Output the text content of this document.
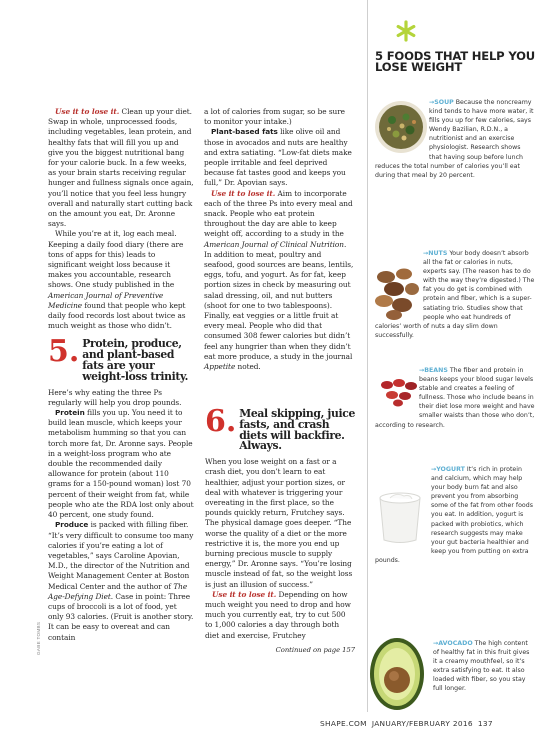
GABE TOMBS

Use it to lose it. Clean up your diet. Swap in whole, unprocessed foods, including vegetables, lean protein, and healthy fats that will fill you up and give you the biggest nutritional bang for your calorie buck. In a few weeks, as your brain starts receiving regular hunger and fullness signals once again, you’ll notice that you feel less hungry overall and naturally start cutting back on the amount you eat, Dr. Aronne says.

While you’re at it, log each meal. Keeping a daily food diary (there are tons of apps for this) leads to significant weight loss because it makes you accountable, research shows. One study published in the American Journal of Preventive Medicine found that people who kept daily food records lost about twice as much weight as those who didn’t.

5. Protein, produce, and plant-based fats are your weight-loss trinity.

Here’s why eating the three Ps regularly will help you drop pounds.

Protein fills you up. You need it to build lean muscle, which keeps your metabolism humming so that you can torch more fat, Dr. Aronne says. People in a weight-loss program who ate double the recommended daily allowance for protein (about 110 grams for a 150-pound woman) lost 70 percent of their weight from fat, while people who ate the RDA lost only about 40 percent, one study found.

Produce is packed with filling fiber. “It’s very difficult to consume too many calories if you’re eating a lot of vegetables,” says Caroline Apovian, M.D., the director of the Nutrition and Weight Management Center at Boston Medical Center and the author of The Age-Defying Diet. Case in point: Three cups of broccoli is a lot of food, yet only 93 calories. (Fruit is another story. It can be easy to overeat and can contain

a lot of calories from sugar, so be sure to monitor your intake.)

Plant-based fats like olive oil and those in avocados and nuts are healthy and extra satiating. “Low-fat diets make people irritable and feel deprived because fat tastes good and keeps you full,” Dr. Apovian says.

Use it to lose it. Aim to incorporate each of the three Ps into every meal and snack. People who eat protein throughout the day are able to keep weight off, according to a study in the American Journal of Clinical Nutrition. In addition to meat, poultry and seafood, good sources are beans, lentils, eggs, tofu, and yogurt. As for fat, keep portion sizes in check by measuring out salad dressing, oil, and nut butters (shoot for one to two tablespoons). Finally, eat veggies or a little fruit at every meal. People who did that consumed 308 fewer calories but didn’t feel any hungrier than when they didn’t eat more produce, a study in the journal Appetite noted.

6. Meal skipping, juice fasts, and crash diets will backfire. Always.

When you lose weight on a fast or a crash diet, you don’t learn to eat healthier, adjust your portion sizes, or deal with whatever is triggering your overeating in the first place, so the pounds quickly return, Frutchey says. The physical damage goes deeper. “The worse the quality of a diet or the more restrictive it is, the more you end up burning precious muscle to supply energy,” Dr. Aronne says. “You’re losing muscle instead of fat, so the weight loss is just an illusion of success.”

Use it to lose it. Depending on how much weight you need to drop and how much you currently eat, try to cut 500 to 1,000 calories a day through both diet and exercise, Frutchey

Continued on page 157
5 FOODS THAT HELP YOU LOSE WEIGHT
→SOUP Because the noncreamy kind tends to have more water, it fills you up for few calories, says Wendy Bazilian, R.D.N., a nutritionist and an exercise physiologist. Research shows that having soup before lunch reduces the total number of calories you’ll eat during that meal by 20 percent.
→NUTS Your body doesn’t absorb all the fat or calories in nuts, experts say. (The reason has to do with the way they’re digested.) The fat you do get is combined with protein and fiber, which is a super-satiating trio. Studies show that people who eat hundreds of calories’ worth of nuts a day slim down successfully.
→BEANS The fiber and protein in beans keeps your blood sugar levels stable and creates a feeling of fullness. Those who include beans in their diet lose more weight and have smaller waists than those who don’t, according to research.
→YOGURT It’s rich in protein and calcium, which may help your body burn fat and also prevent you from absorbing some of the fat from other foods you eat. In addition, yogurt is packed with probiotics, which research suggests may make your gut bacteria healthier and keep you from putting on extra pounds.
→AVOCADO The high content of healthy fat in this fruit gives it a creamy mouthfeel, so it’s extra satisfying to eat. It also loaded with fiber, so you stay full longer.
SHAPE.COM JANUARY/FEBRUARY 2016 137
